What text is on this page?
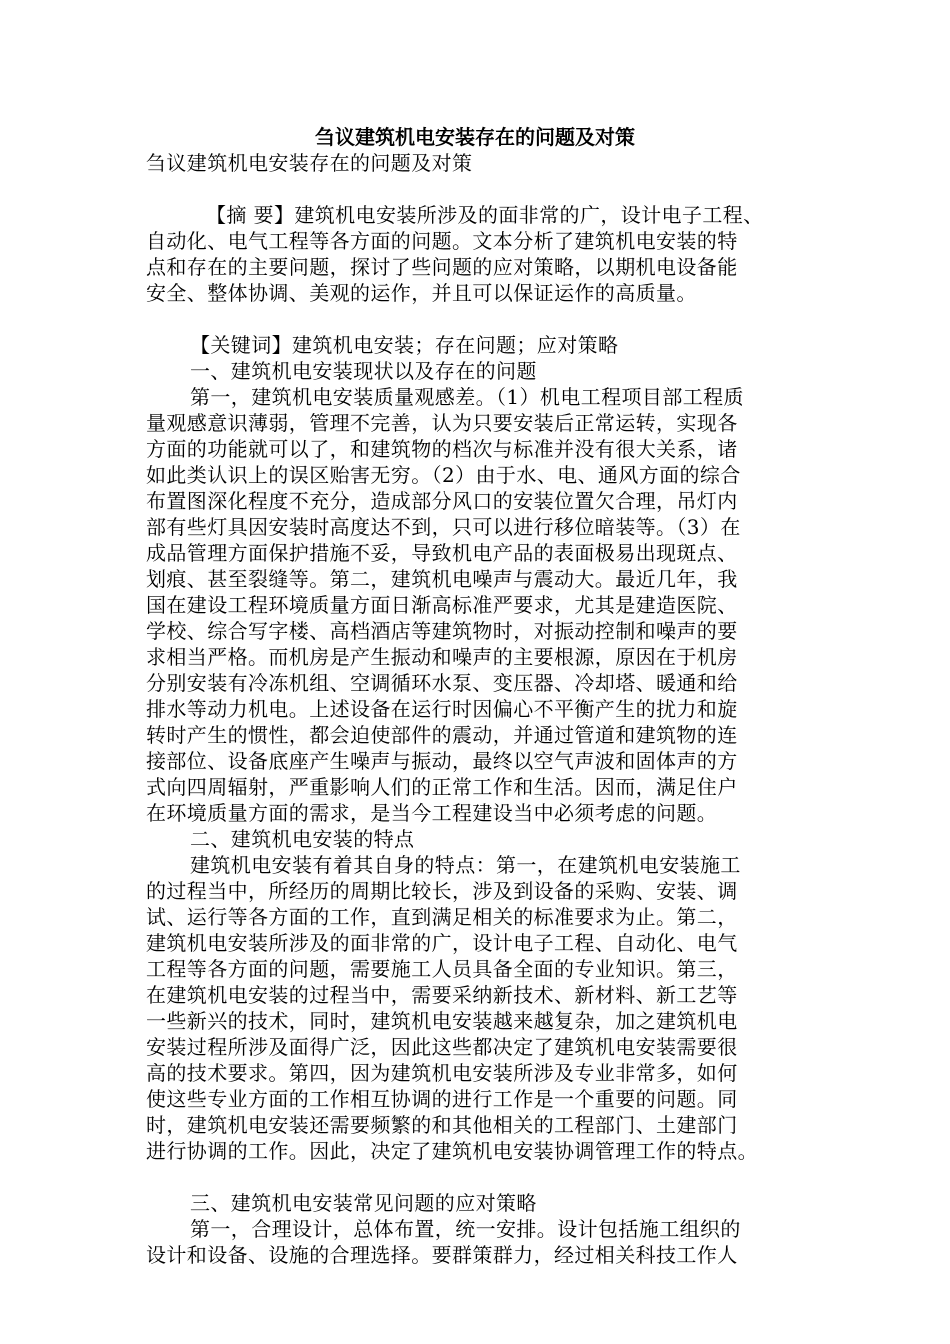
刍议建筑机电安装存在的问题及对策
刍议建筑机电安装存在的问题及对策
【摘 要】建筑机电安装所涉及的面非常的广，设计电子工程、
自动化、电气工程等各方面的问题。文本分析了建筑机电安装的特
点和存在的主要问题，探讨了些问题的应对策略，以期机电设备能
安全、整体协调、美观的运作，并且可以保证运作的高质量。
【关键词】建筑机电安装；存在问题；应对策略
一、建筑机电安装现状以及存在的问题
第一，建筑机电安装质量观感差。（1）机电工程项目部工程质
量观感意识薄弱，管理不完善，认为只要安装后正常运转，实现各
方面的功能就可以了，和建筑物的档次与标准并没有很大关系，诸
如此类认识上的误区贻害无穷。（2）由于水、电、通风方面的综合
布置图深化程度不充分，造成部分风口的安装位置欠合理，吊灯内
部有些灯具因安装时高度达不到，只可以进行移位暗装等。（3）在
成品管理方面保护措施不妥，导致机电产品的表面极易出现斑点、
划痕、甚至裂缝等。第二，建筑机电噪声与震动大。最近几年，我
国在建设工程环境质量方面日渐高标准严要求，尤其是建造医院、
学校、综合写字楼、高档酒店等建筑物时，对振动控制和噪声的要
求相当严格。而机房是产生振动和噪声的主要根源，原因在于机房
分别安装有冷冻机组、空调循环水泵、变压器、冷却塔、暖通和给
排水等动力机电。上述设备在运行时因偏心不平衡产生的扰力和旋
转时产生的惯性，都会迫使部件的震动，并通过管道和建筑物的连
接部位、设备底座产生噪声与振动，最终以空气声波和固体声的方
式向四周辐射，严重影响人们的正常工作和生活。因而，满足住户
在环境质量方面的需求，是当今工程建设当中必须考虑的问题。
二、建筑机电安装的特点
建筑机电安装有着其自身的特点：第一，在建筑机电安装施工
的过程当中，所经历的周期比较长，涉及到设备的采购、安装、调
试、运行等各方面的工作，直到满足相关的标准要求为止。第二，
建筑机电安装所涉及的面非常的广，设计电子工程、自动化、电气
工程等各方面的问题，需要施工人员具备全面的专业知识。第三，
在建筑机电安装的过程当中，需要采纳新技术、新材料、新工艺等
一些新兴的技术，同时，建筑机电安装越来越复杂，加之建筑机电
安装过程所涉及面得广泛，因此这些都决定了建筑机电安装需要很
高的技术要求。第四，因为建筑机电安装所涉及专业非常多，如何
使这些专业方面的工作相互协调的进行工作是一个重要的问题。同
时，建筑机电安装还需要频繁的和其他相关的工程部门、土建部门
进行协调的工作。因此，决定了建筑机电安装协调管理工作的特点。
三、建筑机电安装常见问题的应对策略
第一，合理设计，总体布置，统一安排。设计包括施工组织的
设计和设备、设施的合理选择。要群策群力，经过相关科技工作人
